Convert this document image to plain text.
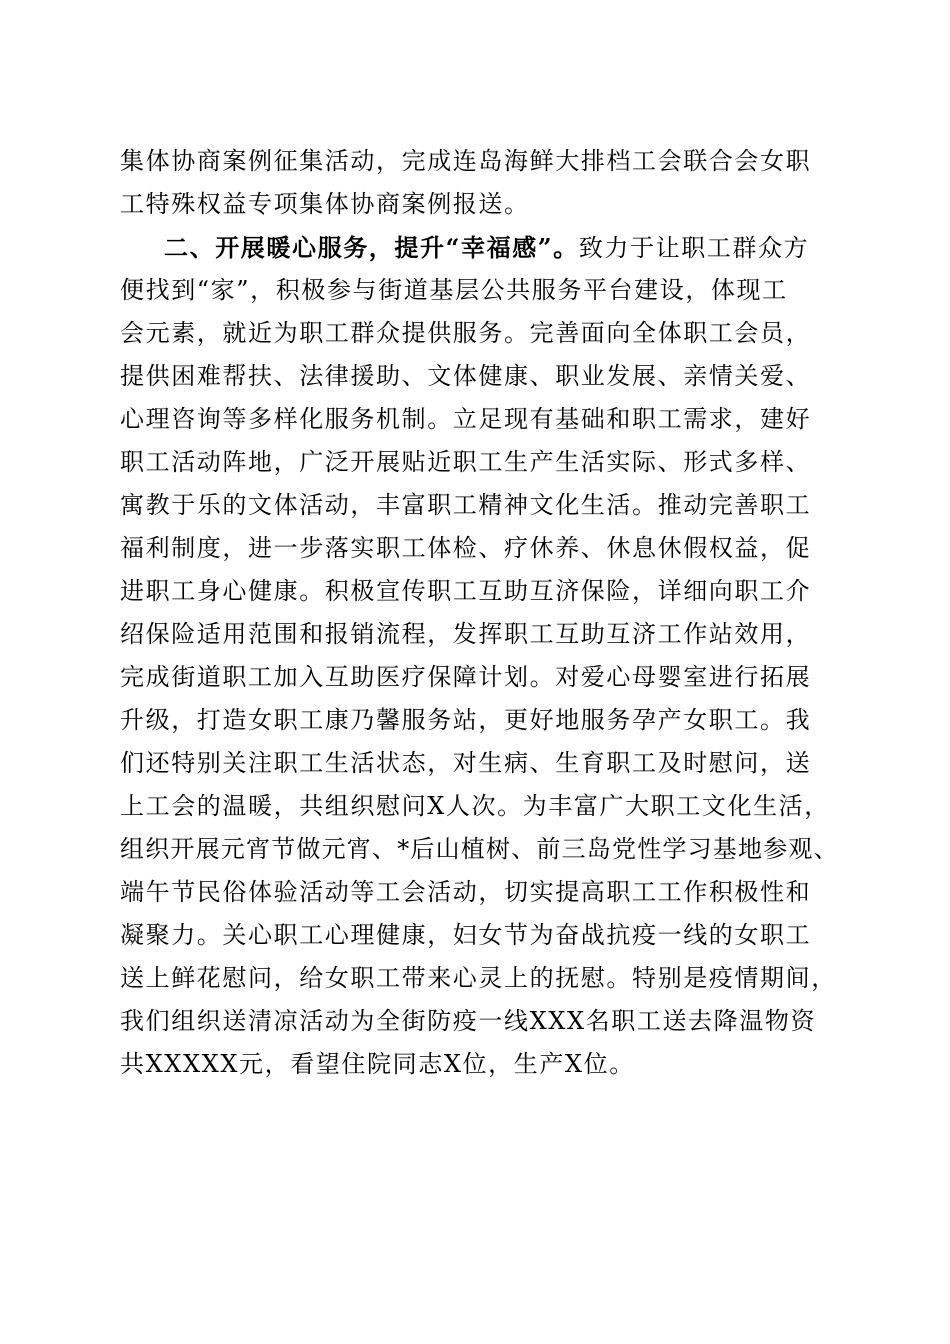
集体协商案例征集活动，完成连岛海鲜大排档工会联合会女职
工特殊权益专项集体协商案例报送。
二、开展暖心服务，提升“幸福感”。致力于让职工群众方
便找到“家”，积极参与街道基层公共服务平台建设，体现工
会元素，就近为职工群众提供服务。完善面向全体职工会员，
提供困难帮扶、法律援助、文体健康、职业发展、亲情关爱、
心理咨询等多样化服务机制。立足现有基础和职工需求，建好
职工活动阵地，广泛开展贴近职工生产生活实际、形式多样、
寓教于乐的文体活动，丰富职工精神文化生活。推动完善职工
福利制度，进一步落实职工体检、疗休养、休息休假权益，促
进职工身心健康。积极宣传职工互助互济保险，详细向职工介
绍保险适用范围和报销流程，发挥职工互助互济工作站效用，
完成街道职工加入互助医疗保障计划。对爱心母婴室进行拓展
升级，打造女职工康乃馨服务站，更好地服务孕产女职工。我
们还特别关注职工生活状态，对生病、生育职工及时慰问，送
上工会的温暖，共组织慰问X人次。为丰富广大职工文化生活，
组织开展元宵节做元宵、*后山植树、前三岛党性学习基地参观、
端午节民俗体验活动等工会活动，切实提高职工工作积极性和
凝聚力。关心职工心理健康，妇女节为奋战抗疫一线的女职工
送上鲜花慰问，给女职工带来心灵上的抚慰。特别是疫情期间，
我们组织送清凉活动为全街防疫一线XXX名职工送去降温物资
共XXXXX元，看望住院同志X位，生产X位。
